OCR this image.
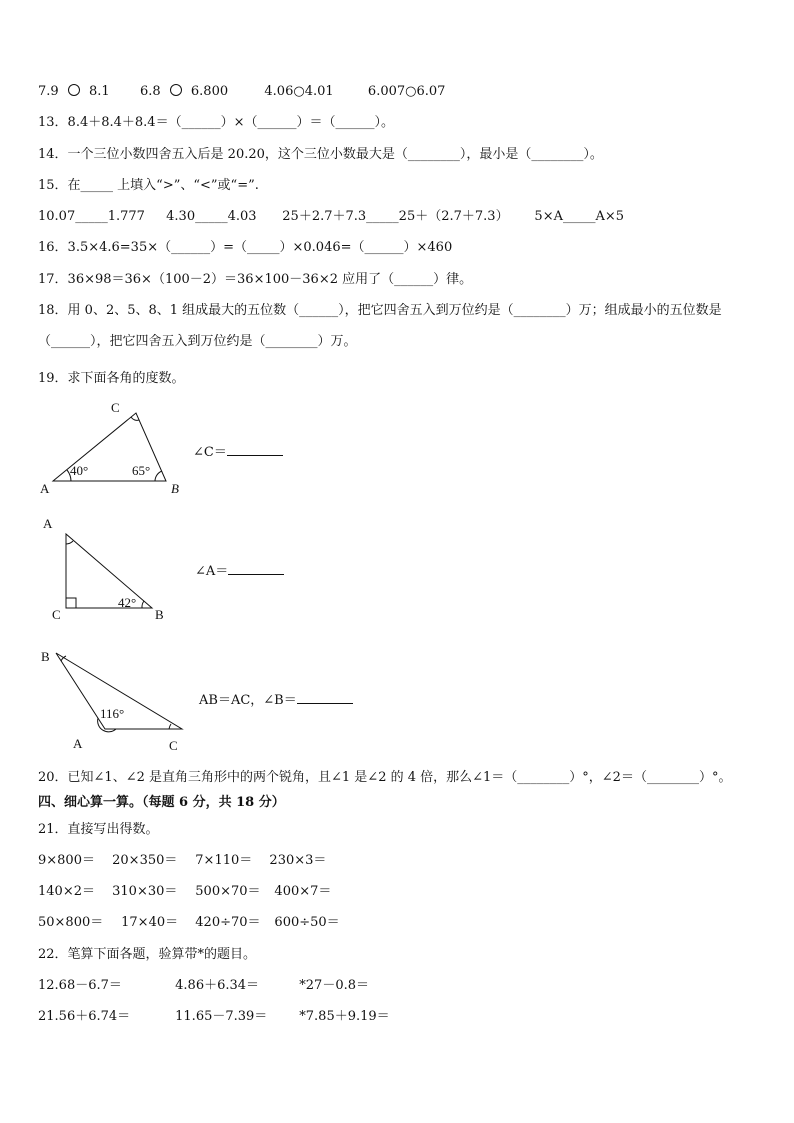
7.9 8.1 6.8 6.800	4.06○4.01	6.007○6.07
13．8.4＋8.4＋8.4＝（______）×（______）＝（______）。
14．一个三位小数四舍五入后是 20.20，这个三位小数最大是（________），最小是（________）。
15．在_____ 上填入“>”、“<”或“=”.
10.07_____1.777 4.30_____4.03 25＋2.7＋7.3_____25＋（2.7＋7.3） 5×A_____A×5
16．3.5×4.6=35×（______）=（_____）×0.046=（______）×460
17．36×98＝36×（100－2）＝36×100－36×2 应用了（______）律。
18．用 0、2、5、8、1 组成最大的五位数（______），把它四舍五入到万位约是（________）万；组成最小的五位数是
（______），把它四舍五入到万位约是（________）万。
19．求下面各角的度数。
A	B
C
40°	65°
∠C＝
A
C	B
42°
∠A＝
B
A	C
116°
AB＝AC，∠B＝
20．已知∠1、∠2 是直角三角形中的两个锐角，且∠1 是∠2 的 4 倍，那么∠1＝（________）°，∠2＝（________）°。
四、细心算一算。（每题 6 分，共 18 分）
21．直接写出得数。
9×800＝ 20×350＝ 7×110＝ 230×3＝
140×2＝ 310×30＝ 500×70＝ 400×7＝
50×800＝ 17×40＝ 420÷70＝ 600÷50＝
22．笔算下面各题，验算带*的题目。
12.68－6.7＝	4.86＋6.34＝	*27－0.8＝
21.56＋6.74＝	11.65－7.39＝ *7.85＋9.19＝
